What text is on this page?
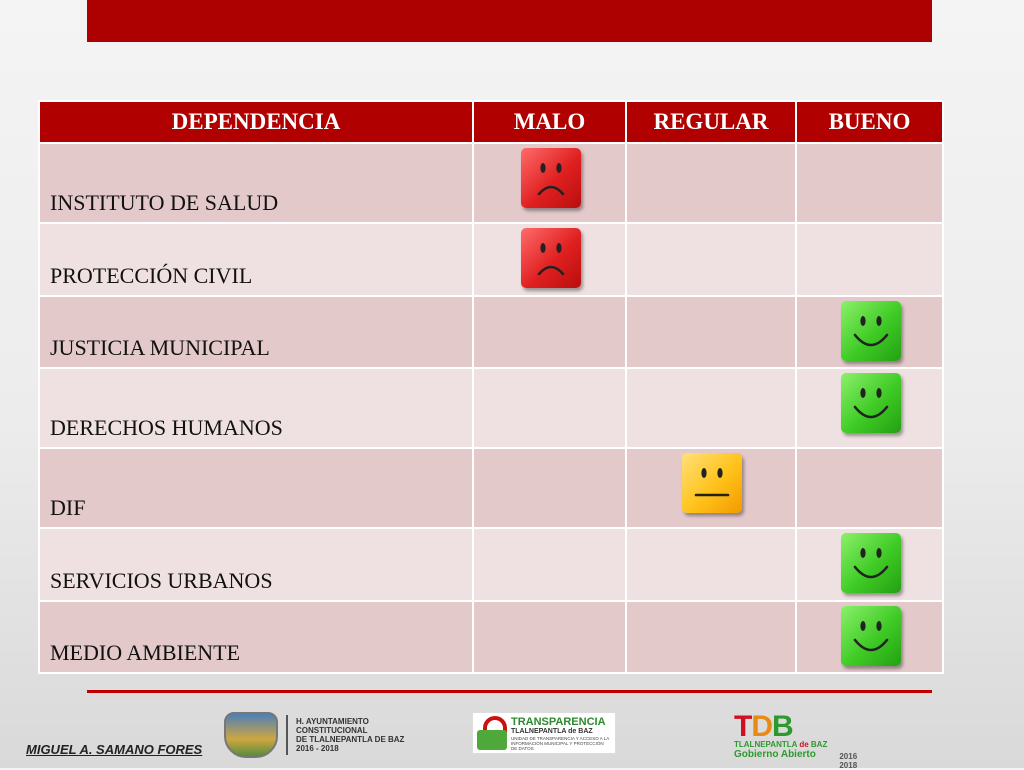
DEPENDENCIA	MALO	REGULAR	BUENO
INSTITUTO DE SALUD	

PROTECCIÓN CIVIL	

JUSTICIA MUNICIPAL			

DERECHOS HUMANOS			

DIF		

SERVICIOS URBANOS			

MEDIO AMBIENTE			
MIGUEL A. SAMANO FORES
H. AYUNTAMIENTO
CONSTITUCIONAL
DE TLALNEPANTLA DE BAZ
2016 - 2018
TRANSPARENCIA
TLALNEPANTLA de BAZ
UNIDAD DE TRANSPARENCIA Y ACCESO A LA INFORMACIÓN MUNICIPAL Y PROTECCIÓN DE DATOS
TDB
TLALNEPANTLA de BAZ
Gobierno Abierto	2016
2018
